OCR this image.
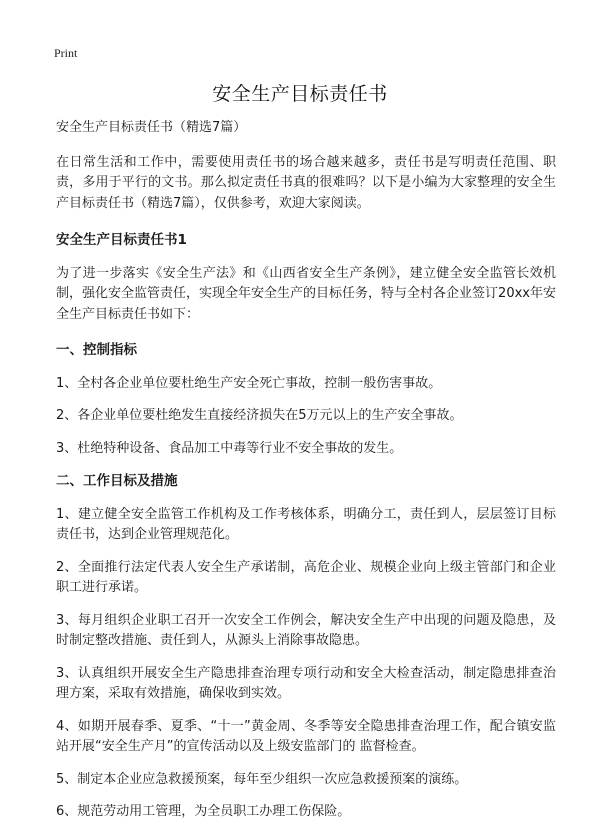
Print
安全生产目标责任书

安全生产目标责任书（精选7篇）

在日常生活和工作中，需要使用责任书的场合越来越多，责任书是写明责任范围、职责，多用于平行的文书。那么拟定责任书真的很难吗？以下是小编为大家整理的安全生产目标责任书（精选7篇），仅供参考，欢迎大家阅读。

安全生产目标责任书1

为了进一步落实《安全生产法》和《山西省安全生产条例》，建立健全安全监管长效机制，强化安全监管责任，实现全年安全生产的目标任务，特与全村各企业签订20xx年安全生产目标责任书如下：

一、控制指标

1、全村各企业单位要杜绝生产安全死亡事故，控制一般伤害事故。

2、各企业单位要杜绝发生直接经济损失在5万元以上的生产安全事故。

3、杜绝特种设备、食品加工中毒等行业不安全事故的发生。

二、工作目标及措施

1、建立健全安全监管工作机构及工作考核体系，明确分工，责任到人，层层签订目标责任书，达到企业管理规范化。

2、全面推行法定代表人安全生产承诺制，高危企业、规模企业向上级主管部门和企业职工进行承诺。

3、每月组织企业职工召开一次安全工作例会，解决安全生产中出现的问题及隐患，及时制定整改措施、责任到人，从源头上消除事故隐患。

3、认真组织开展安全生产隐患排查治理专项行动和安全大检查活动，制定隐患排查治理方案，采取有效措施，确保收到实效。

4、如期开展春季、夏季、“十一”黄金周、冬季等安全隐患排查治理工作，配合镇安监站开展“安全生产月”的宣传活动以及上级安监部门的 监督检查。

5、制定本企业应急救援预案，每年至少组织一次应急救援预案的演练。

6、规范劳动用工管理，为全员职工办理工伤保险。
